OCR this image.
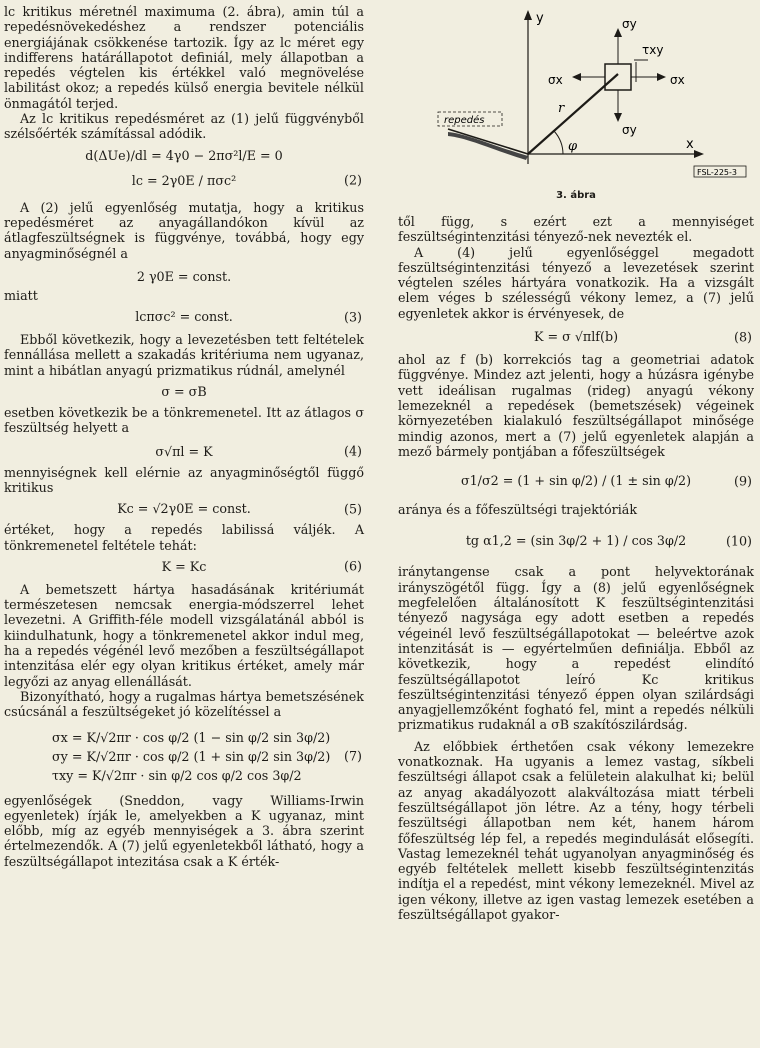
lc kritikus méretnél maximuma (2. ábra), amin túl a repedésnövekedéshez a rendszer potenciális energiájának csökkenése tartozik. Így az lc méret egy indifferens határállapotot definiál, mely állapotban a repedés végtelen kis értékkel való megnövelése labilitást okoz; a repedés külső energia bevitele nélkül önmagától terjed.

Az lc kritikus repedésméret az (1) jelű függvényből szélsőérték számítással adódik.

d(ΔUe)/dl = 4γ0 − 2πσ²l/E = 0
lc = 2γ0E / πσc²	(2)

A (2) jelű egyenlőség mutatja, hogy a kritikus repedésméret az anyagállandókon kívül az átlagfeszültségnek is függvénye, továbbá, hogy egy anyagminőségnél a

2 γ0E = const.

miatt

lcπσc² = const.	(3)

Ebből következik, hogy a levezetésben tett feltételek fennállása mellett a szakadás kritériuma nem ugyanaz, mint a hibátlan anyagú prizmatikus rúdnál, amelynél

σ = σB

esetben következik be a tönkremenetel. Itt az átlagos σ feszültség helyett a

σ√πl = K	(4)

mennyiségnek kell elérnie az anyagminőségtől függő kritikus

Kc = √2γ0E = const.	(5)

értéket, hogy a repedés labilissá váljék. A tönkremenetel feltétele tehát:

K = Kc	(6)

A bemetszett hártya hasadásának kritériumát természetesen nemcsak energia-módszerrel lehet levezetni. A Griffith-féle modell vizsgálatánál abból is kiindulhatunk, hogy a tönkremenetel akkor indul meg, ha a repedés végénél levő mezőben a feszültségállapot intenzitása elér egy olyan kritikus értéket, amely már legyőzi az anyag ellenállását.

Bizonyítható, hogy a rugalmas hártya bemetszésének csúcsánál a feszültségeket jó közelítéssel a

σx = K/√2πr · cos φ/2 (1 − sin φ/2 sin 3φ/2)
σy = K/√2πr · cos φ/2 (1 + sin φ/2 sin 3φ/2)
τxy = K/√2πr · sin φ/2 cos φ/2 cos 3φ/2
(7)

egyenlőségek (Sneddon, vagy Williams-Irwin egyenletek) írják le, amelyekben a K ugyanaz, mint előbb, míg az egyéb mennyiségek a 3. ábra szerint értelmezendők. A (7) jelű egyenletekből látható, hogy a feszültségállapot intezitása csak a K érték-

y
x
σy
σy
σx	σx
τxy
r
φ
repedés
FSL-225-3
3. ábra

től függ, s ezért ezt a mennyiséget feszültségintenzitási tényező-nek nevezték el.

A (4) jelű egyenlőséggel megadott feszültségintenzitási tényező a levezetések szerint végtelen széles hártyára vonatkozik. Ha a vizsgált elem véges b szélességű vékony lemez, a (7) jelű egyenletek akkor is érvényesek, de

K = σ √πlf(b)	(8)

ahol az f (b) korrekciós tag a geometriai adatok függvénye. Mindez azt jelenti, hogy a húzásra igénybe vett ideálisan rugalmas (rideg) anyagú vékony lemezeknél a repedések (bemetszések) végeinek környezetében kialakuló feszültségállapot minősége mindig azonos, mert a (7) jelű egyenletek alapján a mező bármely pontjában a főfeszültségek

σ1/σ2 = (1 + sin φ/2) / (1 ± sin φ/2)	(9)

aránya és a főfeszültségi trajektóriák

tg α1,2 = (sin 3φ/2 + 1) / cos 3φ/2	(10)

iránytangense csak a pont helyvektorának irányszögétől függ. Így a (8) jelű egyenlőségnek megfelelően általánosított K feszültségintenzitási tényező nagysága egy adott esetben a repedés végeinél levő feszültségállapotokat — beleértve azok intenzitását is — egyértelműen definiálja. Ebből az következik, hogy a repedést elindító feszültségállapotot leíró Kc kritikus feszültségintenzitási tényező éppen olyan szilárdsági anyagjellemzőként fogható fel, mint a repedés nélküli prizmatikus rudaknál a σB szakítószilárdság.

Az előbbiek érthetően csak vékony lemezekre vonatkoznak. Ha ugyanis a lemez vastag, síkbeli feszültségi állapot csak a felületein alakulhat ki; belül az anyag akadályozott alakváltozása miatt térbeli feszültségállapot jön létre. Az a tény, hogy térbeli feszültségi állapotban nem két, hanem három főfeszültség lép fel, a repedés megindulását elősegíti. Vastag lemezeknél tehát ugyanolyan anyagminőség és egyéb feltételek mellett kisebb feszültségintenzitás indítja el a repedést, mint vékony lemezeknél. Mivel az igen vékony, illetve az igen vastag lemezek esetében a feszültségállapot gyakor-
